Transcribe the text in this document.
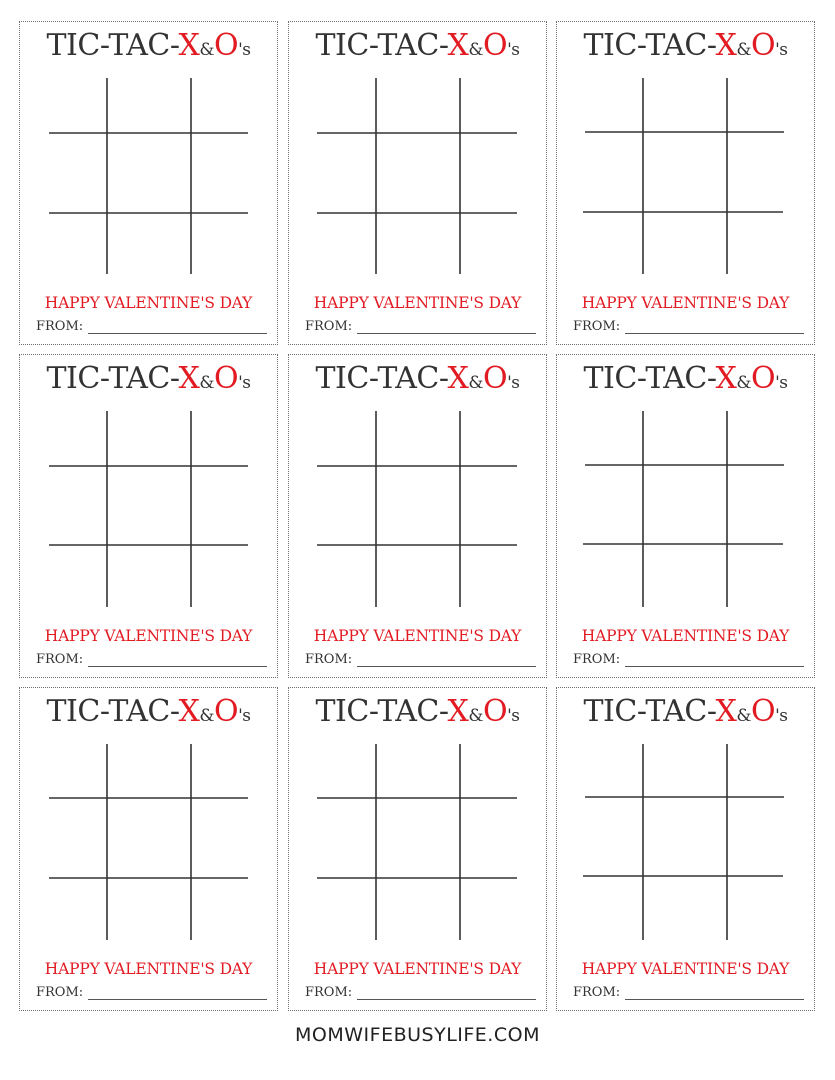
TIC-TAC-X&O's
HAPPY VALENTINE'S DAY
FROM:
TIC-TAC-X&O's
HAPPY VALENTINE'S DAY
FROM:
TIC-TAC-X&O's
HAPPY VALENTINE'S DAY
FROM:
TIC-TAC-X&O's
HAPPY VALENTINE'S DAY
FROM:
TIC-TAC-X&O's
HAPPY VALENTINE'S DAY
FROM:
TIC-TAC-X&O's
HAPPY VALENTINE'S DAY
FROM:
TIC-TAC-X&O's
HAPPY VALENTINE'S DAY
FROM:
TIC-TAC-X&O's
HAPPY VALENTINE'S DAY
FROM:
TIC-TAC-X&O's
HAPPY VALENTINE'S DAY
FROM:
MOMWIFEBUSYLIFE.COM
